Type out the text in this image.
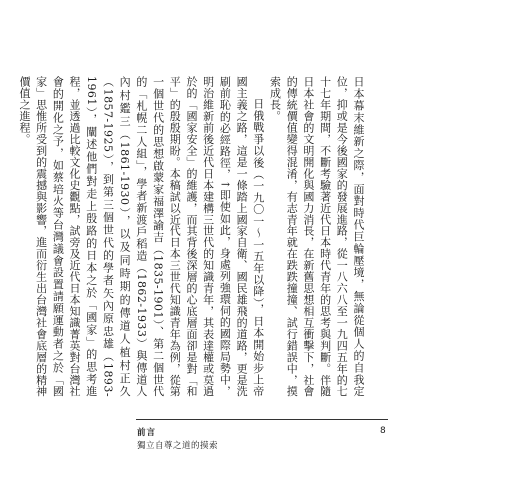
日本幕末維新之際，面對時代巨輪壓境，無論從個人的自我定位，抑或是今後國家的發展進路，從一八六八至一九四五年的七十七年期間，不斷考驗著近代日本時代青年的思考與判斷。伴隨日本社會的文明開化與國力消長，在新舊思想相互衝擊下，社會的傳統價值變得混淆，有志青年就在跌跌撞撞、試行錯誤中，摸索成長。

日俄戰爭以後（一九〇一～一五年以降），日本開始步上帝國主義之路，這是一條踏上國家自衛、國民雄飛的道路，更是洗刷前恥的必經路徑，↑即使如此，身處列強環伺的國際局勢中，明治維新前後近代日本建構三世代的知識青年，其表達權或莫過於的「國家安全」的維護，而其背後深層的心底層面卻是對「和平」的殷殷期盼。本稿試以近代日本三世代知識青年為例，從第一個世代的思想啟蒙家福澤諭吉（1835-1901）、第二個世代的「札幌二人組」，學者新渡戶稻造（1862-1933）與傳道人內村鑑三（1861-1930），以及同時期的傳道人植村正久（1857-1925），到第三個世代的學者矢內原忠雄（1893-1961），闡述他們對走上殷路的日本之於「國家」的思考進程，並透過比較文化史觀點，試旁及近代日本知識菁英對台灣社會的開化之予，如蔡培火等台灣議會設置請願運動者之於「國家」思惟所受到的震撼與影響，進而衍生出台灣社會底層的精神價值之進程。

前言
獨立自尊之道的摸索
8
